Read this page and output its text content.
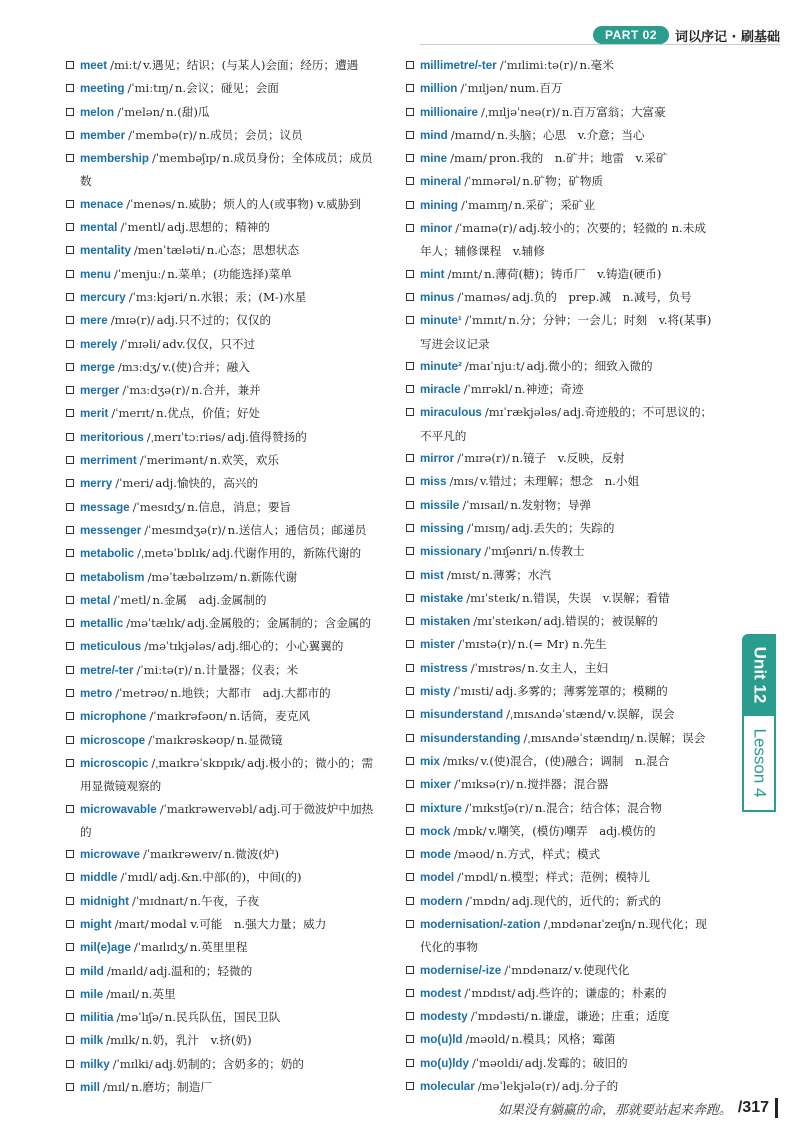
PART 02	词以序记 · 刷基础
meet /miːt/ v.遇见；结识；(与某人)会面；经历；遭遇
meeting /ˈmiːtɪŋ/ n.会议；碰见；会面
melon /ˈmelən/ n.(甜)瓜
member /ˈmembə(r)/ n.成员；会员；议员
membership /ˈmembəʃɪp/ n.成员身份；全体成员；成员数
menace /ˈmenəs/ n.威胁；烦人的人(或事物) v.威胁到
mental /ˈmentl/ adj.思想的；精神的
mentality /menˈtæləti/ n.心态；思想状态
menu /ˈmenjuː/ n.菜单；(功能选择)菜单
mercury /ˈmɜːkjəri/ n.水银；汞；(M-)水星
mere /mɪə(r)/ adj.只不过的；仅仅的
merely /ˈmɪəli/ adv.仅仅，只不过
merge /mɜːdʒ/ v.(使)合并；融入
merger /ˈmɜːdʒə(r)/ n.合并，兼并
merit /ˈmerɪt/ n.优点，价值；好处
meritorious /ˌmerɪˈtɔːriəs/ adj.值得赞扬的
merriment /ˈmerimənt/ n.欢笑，欢乐
merry /ˈmeri/ adj.愉快的，高兴的
message /ˈmesɪdʒ/ n.信息，消息；要旨
messenger /ˈmesɪndʒə(r)/ n.送信人；通信员；邮递员
metabolic /ˌmetəˈbɒlɪk/ adj.代谢作用的，新陈代谢的
metabolism /məˈtæbəlɪzəm/ n.新陈代谢
metal /ˈmetl/ n.金属　adj.金属制的
metallic /məˈtælɪk/ adj.金属般的；金属制的；含金属的
meticulous /məˈtɪkjələs/ adj.细心的；小心翼翼的
metre/-ter /ˈmiːtə(r)/ n.计量器；仪表；米
metro /ˈmetrəʊ/ n.地铁；大都市　adj.大都市的
microphone /ˈmaɪkrəfəʊn/ n.话筒，麦克风
microscope /ˈmaɪkrəskəʊp/ n.显微镜
microscopic /ˌmaɪkrəˈskɒpɪk/ adj.极小的；微小的；需用显微镜观察的
microwavable /ˈmaɪkrəweɪvəbl/ adj.可于微波炉中加热的
microwave /ˈmaɪkrəweɪv/ n.微波(炉)
middle /ˈmɪdl/ adj.&n.中部(的)，中间(的)
midnight /ˈmɪdnaɪt/ n.午夜，子夜
might /maɪt/ modal v.可能　n.强大力量；威力
mil(e)age /ˈmaɪlɪdʒ/ n.英里里程
mild /maɪld/ adj.温和的；轻微的
mile /maɪl/ n.英里
militia /məˈlɪʃə/ n.民兵队伍，国民卫队
milk /mɪlk/ n.奶，乳汁　v.挤(奶)
milky /ˈmɪlki/ adj.奶制的；含奶多的；奶的
mill /mɪl/ n.磨坊；制造厂
millimetre/-ter /ˈmɪlimiːtə(r)/ n.毫米
million /ˈmɪljən/ num.百万
millionaire /ˌmɪljəˈneə(r)/ n.百万富翁；大富豪
mind /maɪnd/ n.头脑；心思　v.介意；当心
mine /maɪn/ pron.我的　n.矿井；地雷　v.采矿
mineral /ˈmɪnərəl/ n.矿物；矿物质
mining /ˈmaɪnɪŋ/ n.采矿；采矿业
minor /ˈmaɪnə(r)/ adj.较小的；次要的；轻微的 n.未成年人；辅修课程　v.辅修
mint /mɪnt/ n.薄荷(糖)；铸币厂　v.铸造(硬币)
minus /ˈmaɪnəs/ adj.负的　prep.减　n.减号，负号
minute¹ /ˈmɪnɪt/ n.分；分钟；一会儿；时刻　v.将(某事)写进会议记录
minute² /maɪˈnjuːt/ adj.微小的；细致入微的
miracle /ˈmɪrəkl/ n.神迹；奇迹
miraculous /mɪˈrækjələs/ adj.奇迹般的；不可思议的；不平凡的
mirror /ˈmɪrə(r)/ n.镜子　v.反映，反射
miss /mɪs/ v.错过；未理解；想念　n.小姐
missile /ˈmɪsaɪl/ n.发射物；导弹
missing /ˈmɪsɪŋ/ adj.丢失的；失踪的
missionary /ˈmɪʃənri/ n.传教士
mist /mɪst/ n.薄雾；水汽
mistake /mɪˈsteɪk/ n.错误，失误　v.误解；看错
mistaken /mɪˈsteɪkən/ adj.错误的；被误解的
mister /ˈmɪstə(r)/ n.(= Mr) n.先生
mistress /ˈmɪstrəs/ n.女主人，主妇
misty /ˈmɪsti/ adj.多雾的；薄雾笼罩的；模糊的
misunderstand /ˌmɪsʌndəˈstænd/ v.误解，误会
misunderstanding /ˌmɪsʌndəˈstændɪŋ/ n.误解；误会
mix /mɪks/ v.(使)混合，(使)融合；调制　n.混合
mixer /ˈmɪksə(r)/ n.搅拌器；混合器
mixture /ˈmɪkstʃə(r)/ n.混合；结合体；混合物
mock /mɒk/ v.嘲笑，(模仿)嘲弄　adj.模仿的
mode /məʊd/ n.方式，样式；模式
model /ˈmɒdl/ n.模型；样式；范例；模特儿
modern /ˈmɒdn/ adj.现代的，近代的；新式的
modernisation/-zation /ˌmɒdənaɪˈzeɪʃn/ n.现代化；现代化的事物
modernise/-ize /ˈmɒdənaɪz/ v.使现代化
modest /ˈmɒdɪst/ adj.些许的；谦虚的；朴素的
modesty /ˈmɒdəsti/ n.谦虚，谦逊；庄重；适度
mo(u)ld /məʊld/ n.模具；风格；霉菌
mo(u)ldy /ˈməʊldi/ adj.发霉的；破旧的
molecular /məˈlekjələ(r)/ adj.分子的
Unit 12
Lesson 4
如果没有躺赢的命，那就要站起来奔跑。 /317
